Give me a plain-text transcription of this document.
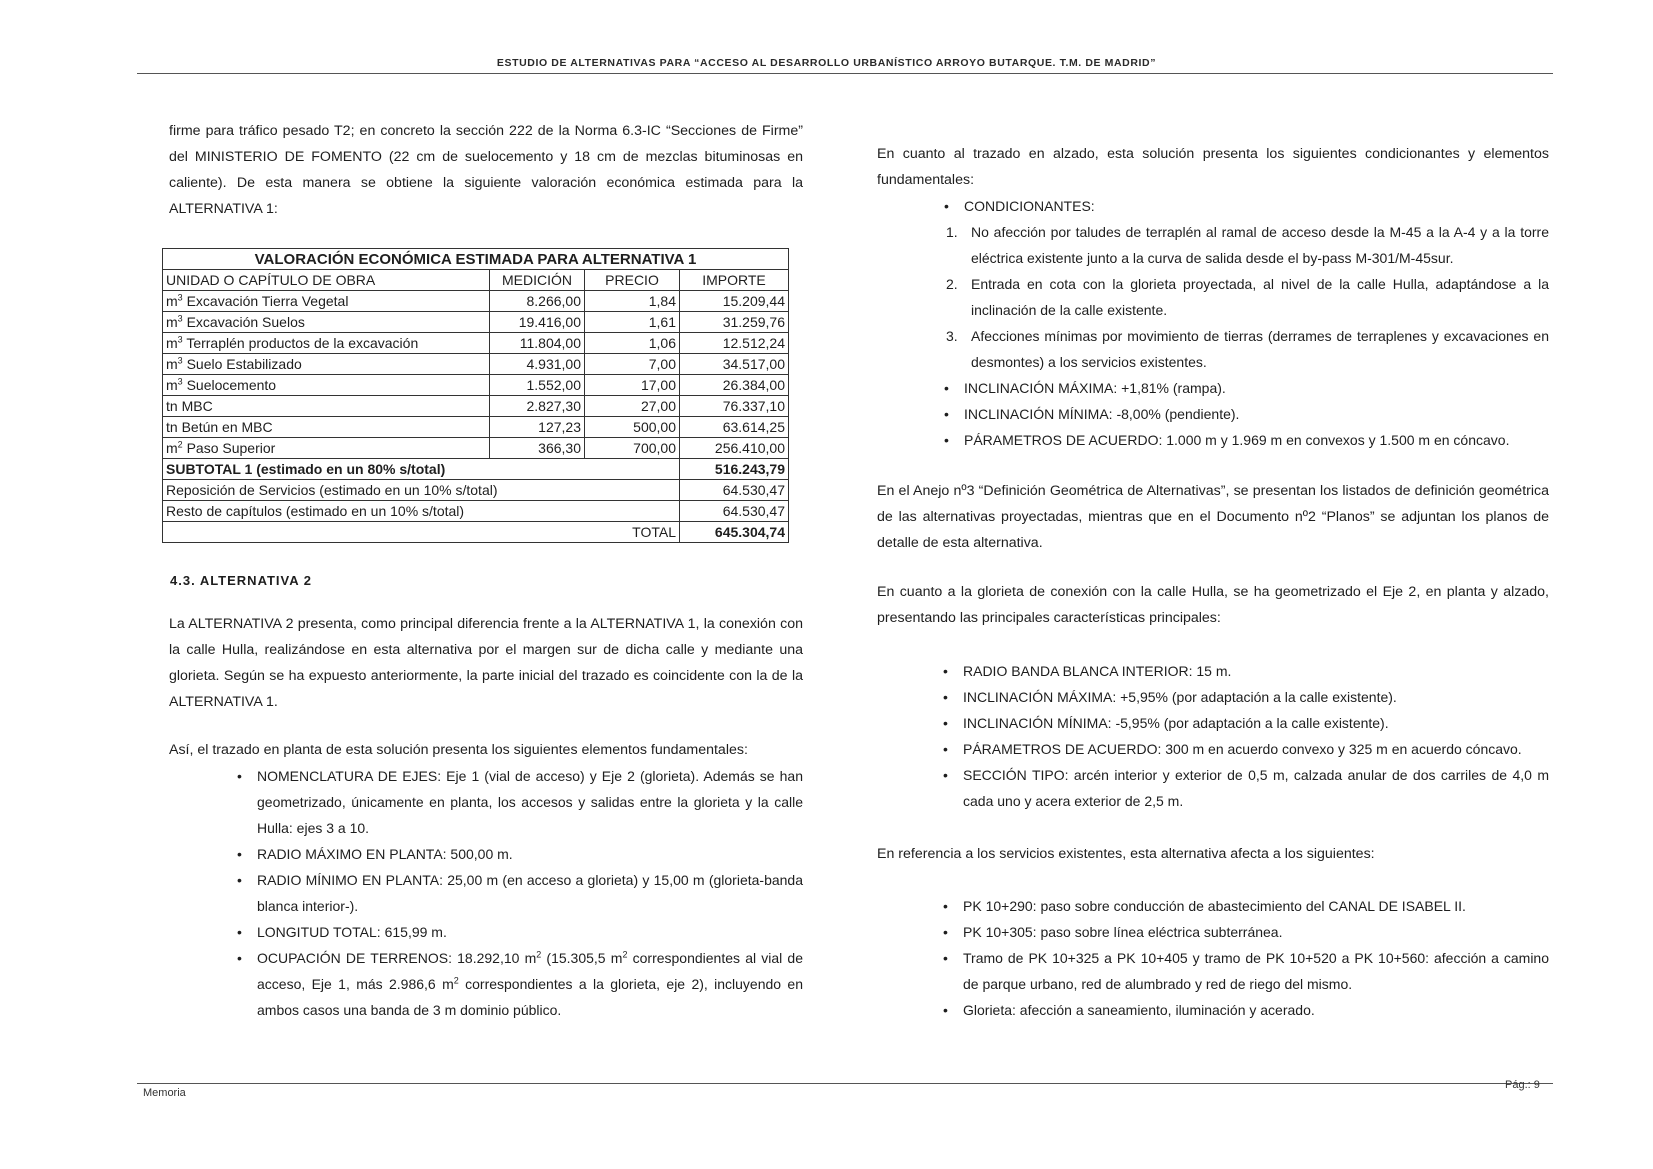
ESTUDIO DE ALTERNATIVAS PARA “ACCESO AL DESARROLLO URBANÍSTICO ARROYO BUTARQUE. T.M. DE MADRID”
firme para tráfico pesado T2; en concreto la sección 222 de la Norma 6.3-IC “Secciones de Firme” del MINISTERIO DE FOMENTO (22 cm de suelocemento y 18 cm de mezclas bituminosas en caliente). De esta manera se obtiene la siguiente valoración económica estimada para la ALTERNATIVA 1:
VALORACIÓN ECONÓMICA ESTIMADA PARA ALTERNATIVA 1			
UNIDAD O CAPÍTULO DE OBRA	MEDICIÓN	PRECIO	IMPORTE
$m^3$ Excavación Tierra Vegetal	8.266,00	1,84	15.209,44
$m^3$ Excavación Suelos	19.416,00	1,61	31.259,76
$m^3$ Terraplén productos de la excavación	11.804,00	1,06	12.512,24
$m^3$ Suelo Estabilizado	4.931,00	7,00	34.517,00
$m^3$ Suelocemento	1.552,00	17,00	26.384,00
tn MBC	2.827,30	27,00	76.337,10
tn Betún en MBC	127,23	500,00	63.614,25
$m^2$ Paso Superior	366,30	700,00	256.410,00
SUBTOTAL 1 (estimado en un 80% s/total)			516.243,79
Reposición de Servicios (estimado en un 10% s/total)			64.530,47
Resto de capítulos (estimado en un 10% s/total)			64.530,47
TOTAL			645.304,74
4.3. ALTERNATIVA 2
La ALTERNATIVA 2 presenta, como principal diferencia frente a la ALTERNATIVA 1, la conexión con la calle Hulla, realizándose en esta alternativa por el margen sur de dicha calle y mediante una glorieta. Según se ha expuesto anteriormente, la parte inicial del trazado es coincidente con la de la ALTERNATIVA 1.
Así, el trazado en planta de esta solución presenta los siguientes elementos fundamentales:
• NOMENCLATURA DE EJES: Eje 1 (vial de acceso) y Eje 2 (glorieta). Además se han geometrizado, únicamente en planta, los accesos y salidas entre la glorieta y la calle Hulla: ejes 3 a 10.
• RADIO MÁXIMO EN PLANTA: 500,00 m.
• RADIO MÍNIMO EN PLANTA: 25,00 m (en acceso a glorieta) y 15,00 m (glorieta-banda blanca interior-).
• LONGITUD TOTAL: 615,99 m.
• OCUPACIÓN DE TERRENOS: 18.292,10 $m^2$ (15.305,5 $m^2$ correspondientes al vial de acceso, Eje 1, más 2.986,6 $m^2$ correspondientes a la glorieta, eje 2), incluyendo en ambos casos una banda de 3 m dominio público.
En cuanto al trazado en alzado, esta solución presenta los siguientes condicionantes y elementos fundamentales:
• CONDICIONANTES:
1. No afección por taludes de terraplén al ramal de acceso desde la M-45 a la A-4 y a la torre eléctrica existente junto a la curva de salida desde el by-pass M-301/M-45sur.
2. Entrada en cota con la glorieta proyectada, al nivel de la calle Hulla, adaptándose a la inclinación de la calle existente.
3. Afecciones mínimas por movimiento de tierras (derrames de terraplenes y excavaciones en desmontes) a los servicios existentes.
• INCLINACIÓN MÁXIMA: +1,81% (rampa).
• INCLINACIÓN MÍNIMA: -8,00% (pendiente).
• PÁRAMETROS DE ACUERDO: 1.000 m y 1.969 m en convexos y 1.500 m en cóncavo.
En el Anejo nº3 “Definición Geométrica de Alternativas”, se presentan los listados de definición geométrica de las alternativas proyectadas, mientras que en el Documento nº2 “Planos” se adjuntan los planos de detalle de esta alternativa.
En cuanto a la glorieta de conexión con la calle Hulla, se ha geometrizado el Eje 2, en planta y alzado, presentando las principales características principales:
• RADIO BANDA BLANCA INTERIOR: 15 m.
• INCLINACIÓN MÁXIMA: +5,95% (por adaptación a la calle existente).
• INCLINACIÓN MÍNIMA: -5,95% (por adaptación a la calle existente).
• PÁRAMETROS DE ACUERDO: 300 m en acuerdo convexo y 325 m en acuerdo cóncavo.
• SECCIÓN TIPO: arcén interior y exterior de 0,5 m, calzada anular de dos carriles de 4,0 m cada uno y acera exterior de 2,5 m.
En referencia a los servicios existentes, esta alternativa afecta a los siguientes:
• PK 10+290: paso sobre conducción de abastecimiento del CANAL DE ISABEL II.
• PK 10+305: paso sobre línea eléctrica subterránea.
• Tramo de PK 10+325 a PK 10+405 y tramo de PK 10+520 a PK 10+560: afección a camino de parque urbano, red de alumbrado y red de riego del mismo.
• Glorieta: afección a saneamiento, iluminación y acerado.
Memoria
Pág.: 9
